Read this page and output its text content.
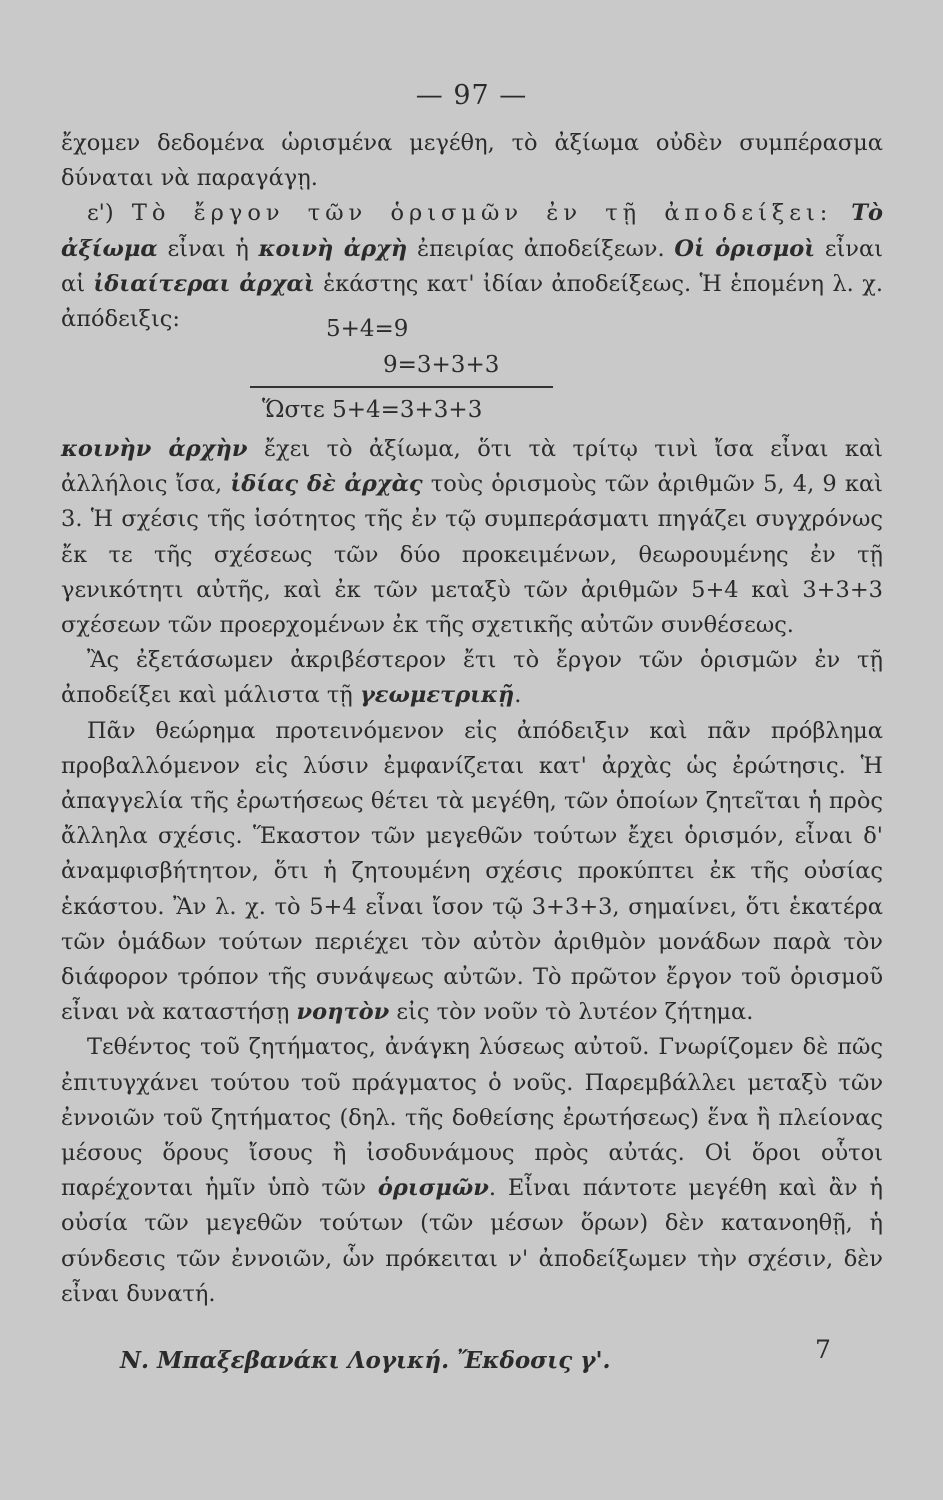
— 97 —

ἔχομεν δεδομένα ὡρισμένα μεγέθη, τὸ ἀξίωμα οὐδὲν συμπέρασμα δύναται νὰ παραγάγῃ.

ε') Τὸ ἔργον τῶν ὁρισμῶν ἐν τῇ ἀποδείξει: Τὸ ἀξίωμα εἶναι ἡ κοινὴ ἀρχὴ ἐπειρίας ἀποδείξεων. Οἱ ὁρισμοὶ εἶναι αἱ ἰδιαίτεραι ἀρχαὶ ἑκάστης κατ' ἰδίαν ἀποδείξεως. Ἡ ἑπομένη λ. χ. ἀπόδειξις:	5+4=9
9=3+3+3
Ὥστε 5+4=3+3+3

κοινὴν ἀρχὴν ἔχει τὸ ἀξίωμα, ὅτι τὰ τρίτῳ τινὶ ἴσα εἶναι καὶ ἀλλήλοις ἴσα, ἰδίας δὲ ἀρχὰς τοὺς ὁρισμοὺς τῶν ἀριθμῶν 5, 4, 9 καὶ 3. Ἡ σχέσις τῆς ἰσότητος τῆς ἐν τῷ συμπεράσματι πηγάζει συγχρόνως ἔκ τε τῆς σχέσεως τῶν δύο προκειμένων, θεωρουμένης ἐν τῇ γενικότητι αὐτῆς, καὶ ἐκ τῶν μεταξὺ τῶν ἀριθμῶν 5+4 καὶ 3+3+3 σχέσεων τῶν προερχομένων ἐκ τῆς σχετικῆς αὐτῶν συνθέσεως.

Ἂς ἐξετάσωμεν ἀκριβέστερον ἔτι τὸ ἔργον τῶν ὁρισμῶν ἐν τῇ ἀποδείξει καὶ μάλιστα τῇ γεωμετρικῇ.

Πᾶν θεώρημα προτεινόμενον εἰς ἀπόδειξιν καὶ πᾶν πρόβλημα προβαλλόμενον εἰς λύσιν ἐμφανίζεται κατ' ἀρχὰς ὡς ἐρώτησις. Ἡ ἀπαγγελία τῆς ἐρωτήσεως θέτει τὰ μεγέθη, τῶν ὁποίων ζητεῖται ἡ πρὸς ἄλληλα σχέσις. Ἕκαστον τῶν μεγεθῶν τούτων ἔχει ὁρισμόν, εἶναι δ' ἀναμφισβήτητον, ὅτι ἡ ζητουμένη σχέσις προκύπτει ἐκ τῆς οὐσίας ἑκάστου. Ἂν λ. χ. τὸ 5+4 εἶναι ἴσον τῷ 3+3+3, σημαίνει, ὅτι ἑκατέρα τῶν ὁμάδων τούτων περιέχει τὸν αὐτὸν ἀριθμὸν μονάδων παρὰ τὸν διάφορον τρόπον τῆς συνάψεως αὐτῶν. Τὸ πρῶτον ἔργον τοῦ ὁρισμοῦ εἶναι νὰ καταστήσῃ νοητὸν εἰς τὸν νοῦν τὸ λυτέον ζήτημα.

Τεθέντος τοῦ ζητήματος, ἀνάγκη λύσεως αὐτοῦ. Γνωρίζομεν δὲ πῶς ἐπιτυγχάνει τούτου τοῦ πράγματος ὁ νοῦς. Παρεμβάλλει μεταξὺ τῶν ἐννοιῶν τοῦ ζητήματος (δηλ. τῆς δοθείσης ἐρωτήσεως) ἕνα ἢ πλείονας μέσους ὅρους ἴσους ἢ ἰσοδυνάμους πρὸς αὐτάς. Οἱ ὅροι οὗτοι παρέχονται ἡμῖν ὑπὸ τῶν ὁρισμῶν. Εἶναι πάντοτε μεγέθη καὶ ἂν ἡ οὐσία τῶν μεγεθῶν τούτων (τῶν μέσων ὅρων) δὲν κατανοηθῇ, ἡ σύνδεσις τῶν ἐννοιῶν, ὧν πρόκειται ν' ἀποδείξωμεν τὴν σχέσιν, δὲν εἶναι δυνατή.

Ν. Μπαξεβανάκι Λογική. Ἔκδοσις γ'.	7
